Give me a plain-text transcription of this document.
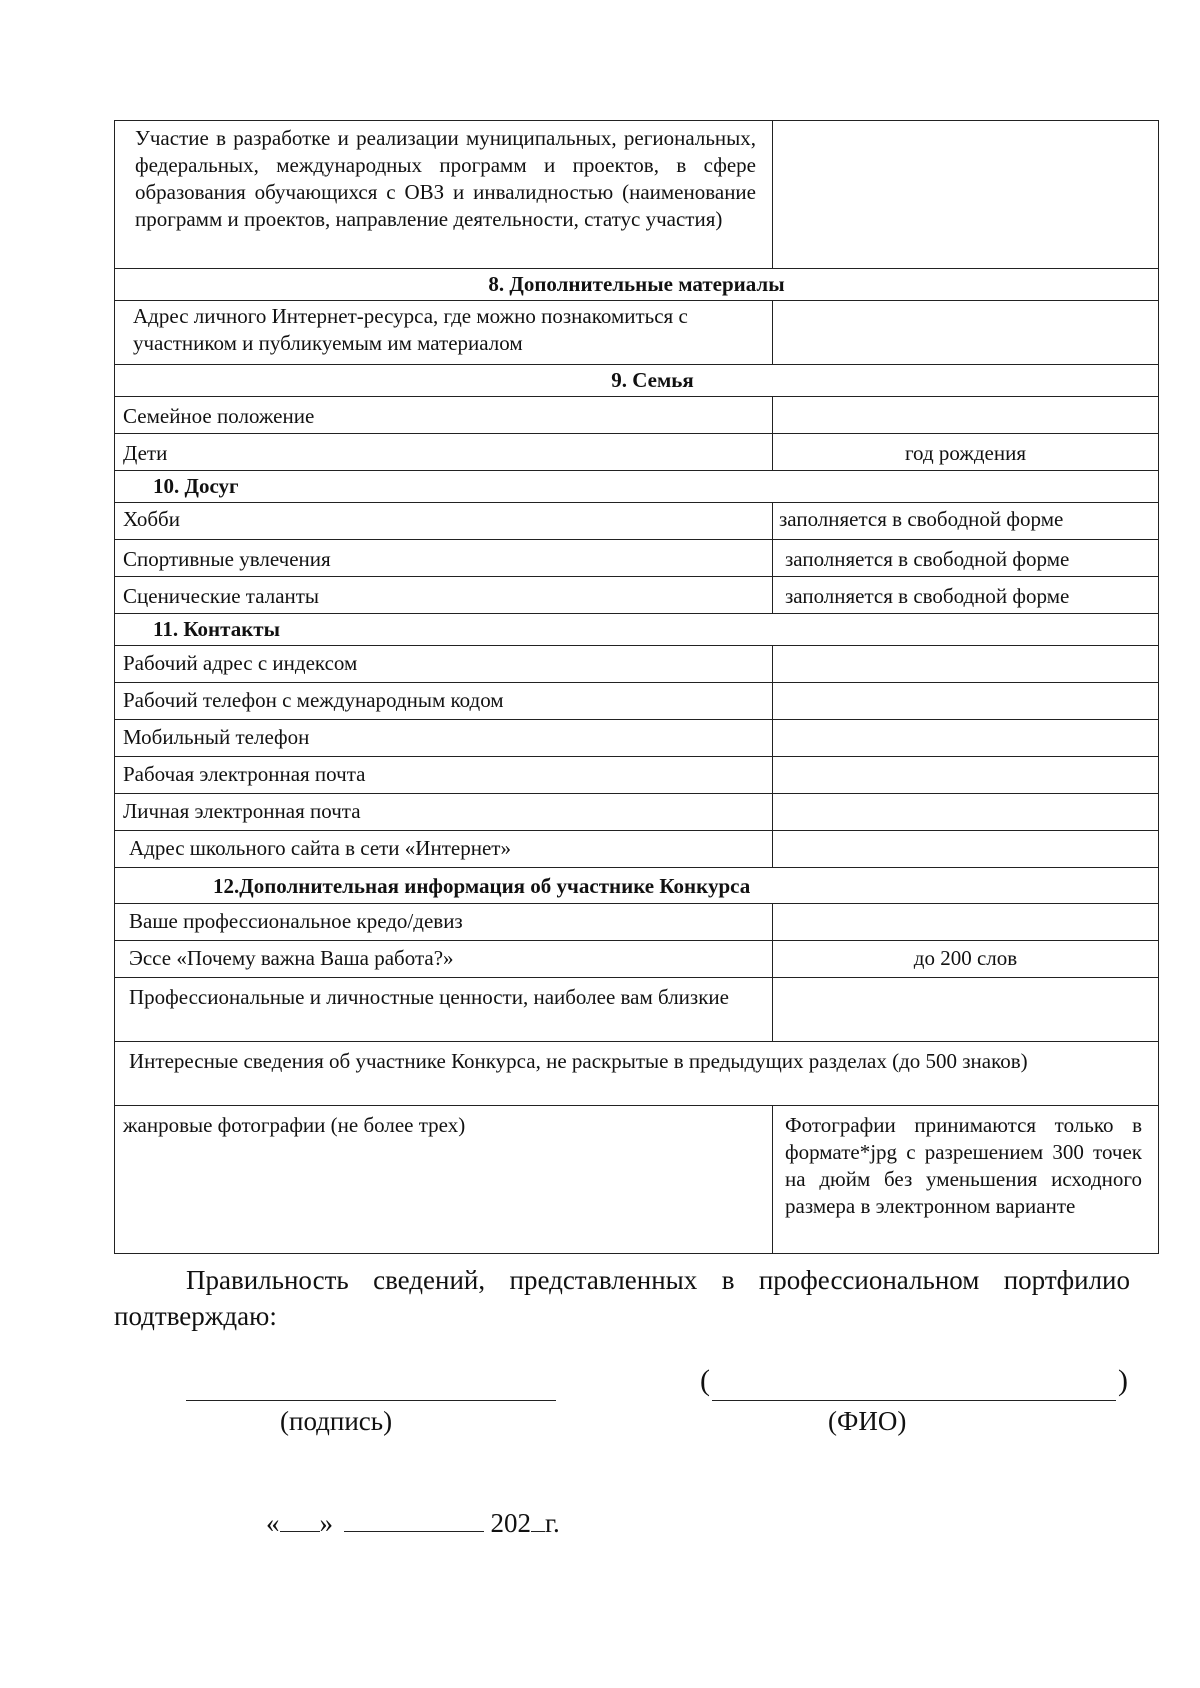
Участие в разработке и реализации муниципальных, региональных, федеральных, международных программ и проектов, в сфере образования обучающихся с ОВЗ и инвалидностью (наименование программ и проектов, направление деятельности, статус участия)	
8. Дополнительные материалы	
Адрес личного Интернет-ресурса, где можно познакомиться с участником и публикуемым им материалом	
9. Семья	
Семейное положение	
Дети	год рождения
10. Досуг	
Хобби	заполняется в свободной форме
Спортивные увлечения	заполняется в свободной форме
Сценические таланты	заполняется в свободной форме
11. Контакты	
Рабочий адрес с индексом	
Рабочий телефон с международным кодом	
Мобильный телефон	
Рабочая электронная почта	
Личная электронная почта	
Адрес школьного сайта в сети «Интернет»	
12.Дополнительная информация об участнике Конкурса	
Ваше профессиональное кредо/девиз	
Эссе «Почему важна Ваша работа?»	до 200 слов
Профессиональные и личностные ценности, наиболее вам близкие	
Интересные сведения об участнике Конкурса, не раскрытые в предыдущих разделах (до 500 знаков)	
жанровые фотографии (не более трех)	Фотографии принимаются только в формате*jpg с разрешением 300 точек на дюйм без уменьшения исходного размера в электронном варианте

Правильность сведений, представленных в профессиональном портфилио подтверждаю:

(подпись)
(	)
(ФИО)
« »	202 г.
